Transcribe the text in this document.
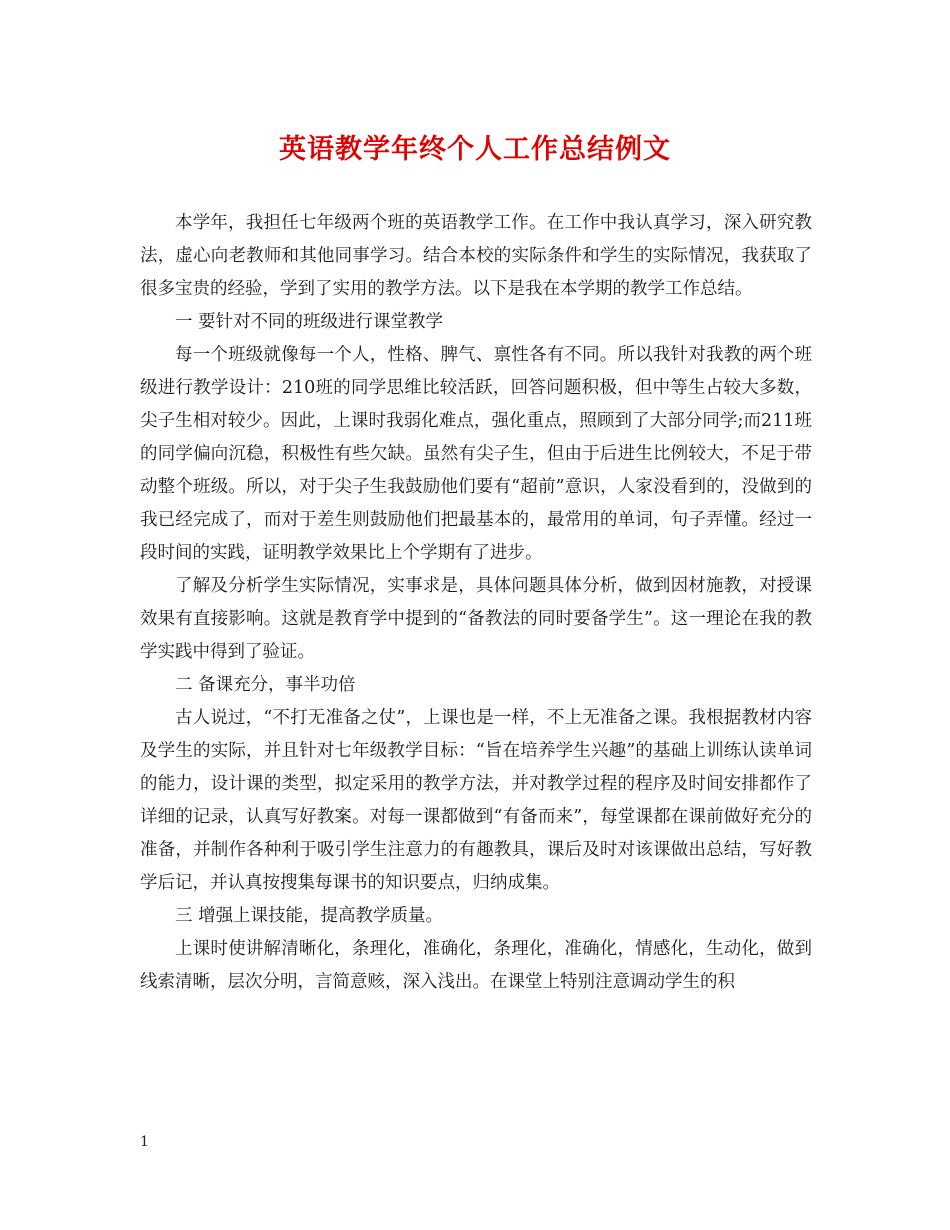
英语教学年终个人工作总结例文

本学年，我担任七年级两个班的英语教学工作。在工作中我认真学习，深入研究教法，虚心向老教师和其他同事学习。结合本校的实际条件和学生的实际情况，我获取了很多宝贵的经验，学到了实用的教学方法。以下是我在本学期的教学工作总结。

一 要针对不同的班级进行课堂教学

每一个班级就像每一个人，性格、脾气、禀性各有不同。所以我针对我教的两个班级进行教学设计：210班的同学思维比较活跃，回答问题积极，但中等生占较大多数，尖子生相对较少。因此，上课时我弱化难点，强化重点，照顾到了大部分同学;而211班的同学偏向沉稳，积极性有些欠缺。虽然有尖子生，但由于后进生比例较大，不足于带动整个班级。所以，对于尖子生我鼓励他们要有“超前”意识，人家没看到的，没做到的我已经完成了，而对于差生则鼓励他们把最基本的，最常用的单词，句子弄懂。经过一段时间的实践，证明教学效果比上个学期有了进步。

了解及分析学生实际情况，实事求是，具体问题具体分析，做到因材施教，对授课效果有直接影响。这就是教育学中提到的“备教法的同时要备学生”。这一理论在我的教学实践中得到了验证。

二 备课充分，事半功倍

古人说过，“不打无准备之仗”，上课也是一样，不上无准备之课。我根据教材内容及学生的实际，并且针对七年级教学目标：“旨在培养学生兴趣”的基础上训练认读单词的能力，设计课的类型，拟定采用的教学方法，并对教学过程的程序及时间安排都作了详细的记录，认真写好教案。对每一课都做到“有备而来”，每堂课都在课前做好充分的准备，并制作各种利于吸引学生注意力的有趣教具，课后及时对该课做出总结，写好教学后记，并认真按搜集每课书的知识要点，归纳成集。

三 增强上课技能，提高教学质量。

上课时使讲解清晰化，条理化，准确化，条理化，准确化，情感化，生动化，做到线索清晰，层次分明，言简意赅，深入浅出。在课堂上特别注意调动学生的积

1
